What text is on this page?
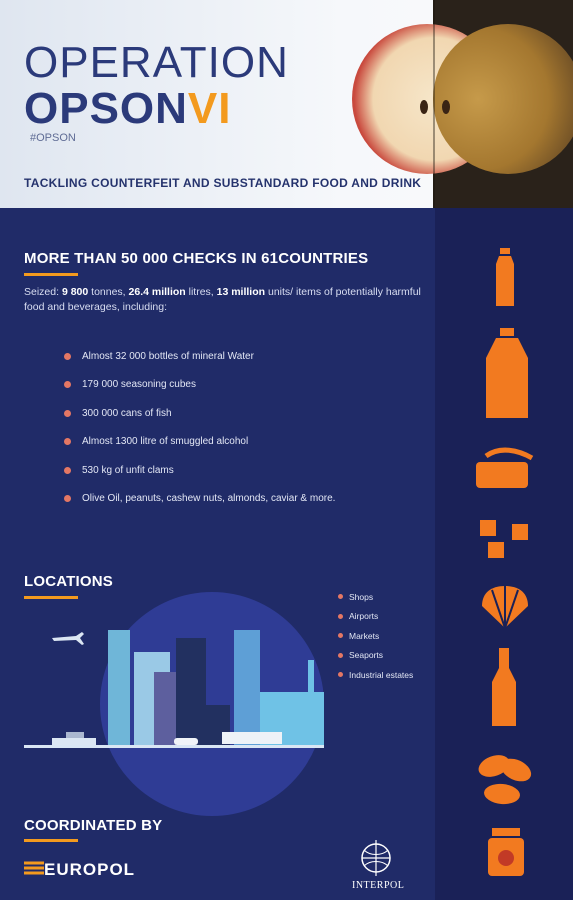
OPERATION
OPSONVI
#OPSON
TACKLING COUNTERFEIT AND SUBSTANDARD FOOD AND DRINK
MORE THAN 50 000 CHECKS IN 61COUNTRIES
Seized: 9 800 tonnes, 26.4 million litres, 13 million units/ items of potentially harmful food and beverages, including:
Almost 32 000 bottles of mineral Water
179 000 seasoning cubes
300 000 cans of fish
Almost 1300 litre of smuggled alcohol
530 kg of unfit clams
Olive Oil, peanuts, cashew nuts, almonds, caviar & more.
LOCATIONS
Shops
Airports
Markets
Seaports
Industrial estates
COORDINATED BY
EUROPOL
INTERPOL
